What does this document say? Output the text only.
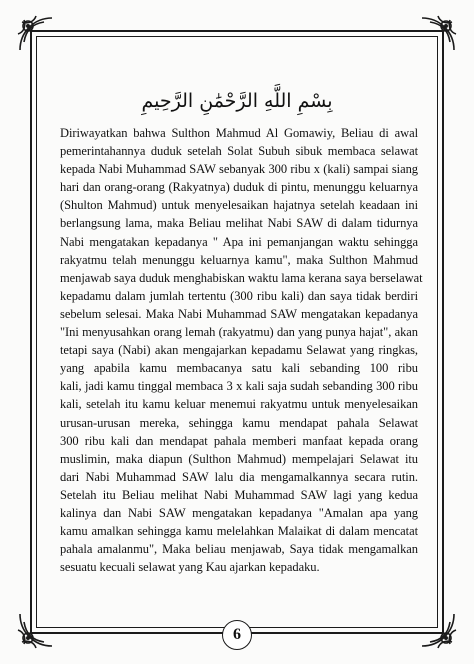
بِسْمِ اللَّهِ الرَّحْمَٰنِ الرَّحِيمِ
Diriwayatkan bahwa Sulthon Mahmud Al Gomawiy, Beliau di awal
pemerintahannya duduk setelah Solat Subuh sibuk membaca selawat
kepada Nabi Muhammad SAW sebanyak 300 ribu x (kali) sampai siang
hari dan orang-orang (Rakyatnya) duduk di pintu, menunggu keluarnya
(Shulton Mahmud) untuk menyelesaikan hajatnya setelah keadaan ini
berlangsung lama, maka Beliau melihat Nabi SAW di dalam tidurnya
Nabi mengatakan kepadanya " Apa ini pemanjangan waktu sehingga
rakyatmu telah menunggu keluarnya kamu", maka Sulthon Mahmud
menjawab saya duduk menghabiskan waktu lama kerana saya berselawat
kepadamu dalam jumlah tertentu (300 ribu kali) dan saya tidak berdiri
sebelum selesai. Maka Nabi Muhammad SAW mengatakan kepadanya
"Ini menyusahkan orang lemah (rakyatmu) dan yang punya hajat", akan
tetapi saya (Nabi) akan mengajarkan kepadamu Selawat yang ringkas,
yang apabila kamu membacanya satu kali sebanding 100 ribu
kali, jadi kamu tinggal membaca 3 x kali saja sudah sebanding 300 ribu
kali, setelah itu kamu keluar menemui rakyatmu untuk menyelesaikan
urusan-urusan mereka, sehingga kamu mendapat pahala Selawat
300 ribu kali dan mendapat pahala memberi manfaat kepada orang
muslimin, maka diapun (Sulthon Mahmud) mempelajari Selawat itu
dari Nabi Muhammad SAW lalu dia mengamalkannya secara rutin.
Setelah itu Beliau melihat Nabi Muhammad SAW lagi yang kedua
kalinya dan Nabi SAW mengatakan kepadanya "Amalan apa yang
kamu amalkan sehingga kamu melelahkan Malaikat di dalam mencatat
pahala amalanmu", Maka beliau menjawab, Saya tidak mengamalkan
sesuatu kecuali selawat yang Kau ajarkan kepadaku.
6
